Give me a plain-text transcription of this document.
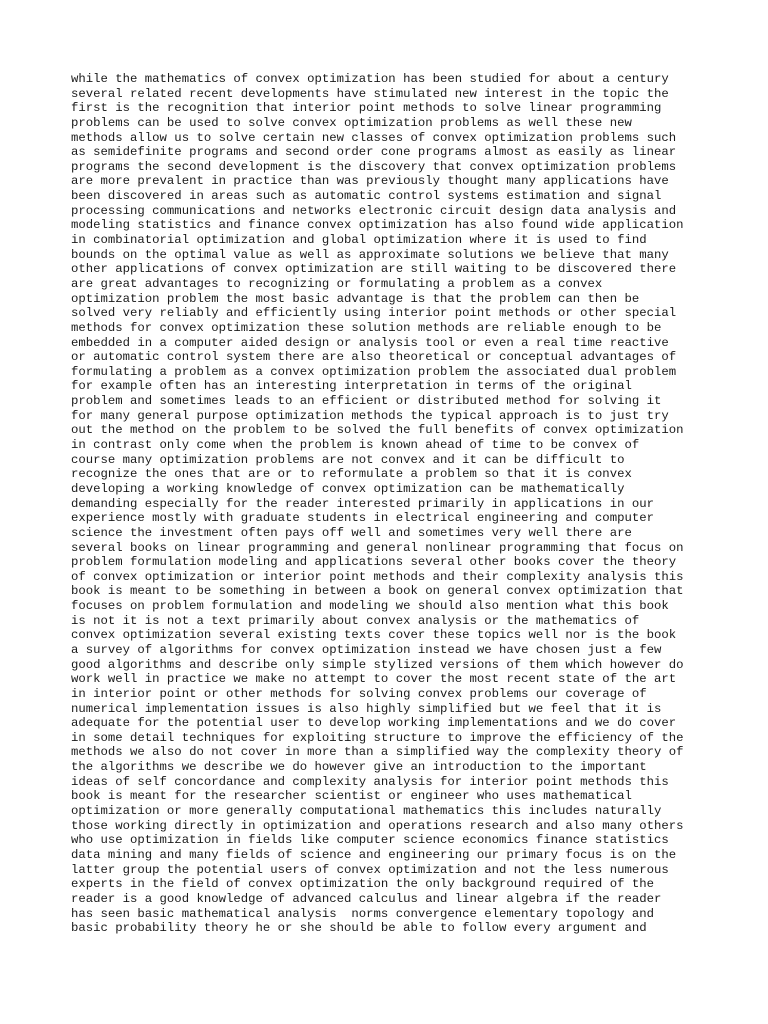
while the mathematics of convex optimization has been studied for about a century
several related recent developments have stimulated new interest in the topic the
first is the recognition that interior point methods to solve linear programming
problems can be used to solve convex optimization problems as well these new
methods allow us to solve certain new classes of convex optimization problems such
as semidefinite programs and second order cone programs almost as easily as linear
programs the second development is the discovery that convex optimization problems
are more prevalent in practice than was previously thought many applications have
been discovered in areas such as automatic control systems estimation and signal
processing communications and networks electronic circuit design data analysis and
modeling statistics and finance convex optimization has also found wide application
in combinatorial optimization and global optimization where it is used to find
bounds on the optimal value as well as approximate solutions we believe that many
other applications of convex optimization are still waiting to be discovered there
are great advantages to recognizing or formulating a problem as a convex
optimization problem the most basic advantage is that the problem can then be
solved very reliably and efficiently using interior point methods or other special
methods for convex optimization these solution methods are reliable enough to be
embedded in a computer aided design or analysis tool or even a real time reactive
or automatic control system there are also theoretical or conceptual advantages of
formulating a problem as a convex optimization problem the associated dual problem
for example often has an interesting interpretation in terms of the original
problem and sometimes leads to an efficient or distributed method for solving it
for many general purpose optimization methods the typical approach is to just try
out the method on the problem to be solved the full benefits of convex optimization
in contrast only come when the problem is known ahead of time to be convex of
course many optimization problems are not convex and it can be difficult to
recognize the ones that are or to reformulate a problem so that it is convex
developing a working knowledge of convex optimization can be mathematically
demanding especially for the reader interested primarily in applications in our
experience mostly with graduate students in electrical engineering and computer
science the investment often pays off well and sometimes very well there are
several books on linear programming and general nonlinear programming that focus on
problem formulation modeling and applications several other books cover the theory
of convex optimization or interior point methods and their complexity analysis this
book is meant to be something in between a book on general convex optimization that
focuses on problem formulation and modeling we should also mention what this book
is not it is not a text primarily about convex analysis or the mathematics of
convex optimization several existing texts cover these topics well nor is the book
a survey of algorithms for convex optimization instead we have chosen just a few
good algorithms and describe only simple stylized versions of them which however do
work well in practice we make no attempt to cover the most recent state of the art
in interior point or other methods for solving convex problems our coverage of
numerical implementation issues is also highly simplified but we feel that it is
adequate for the potential user to develop working implementations and we do cover
in some detail techniques for exploiting structure to improve the efficiency of the
methods we also do not cover in more than a simplified way the complexity theory of
the algorithms we describe we do however give an introduction to the important
ideas of self concordance and complexity analysis for interior point methods this
book is meant for the researcher scientist or engineer who uses mathematical
optimization or more generally computational mathematics this includes naturally
those working directly in optimization and operations research and also many others
who use optimization in fields like computer science economics finance statistics
data mining and many fields of science and engineering our primary focus is on the
latter group the potential users of convex optimization and not the less numerous
experts in the field of convex optimization the only background required of the
reader is a good knowledge of advanced calculus and linear algebra if the reader
has seen basic mathematical analysis  norms convergence elementary topology and
basic probability theory he or she should be able to follow every argument and
